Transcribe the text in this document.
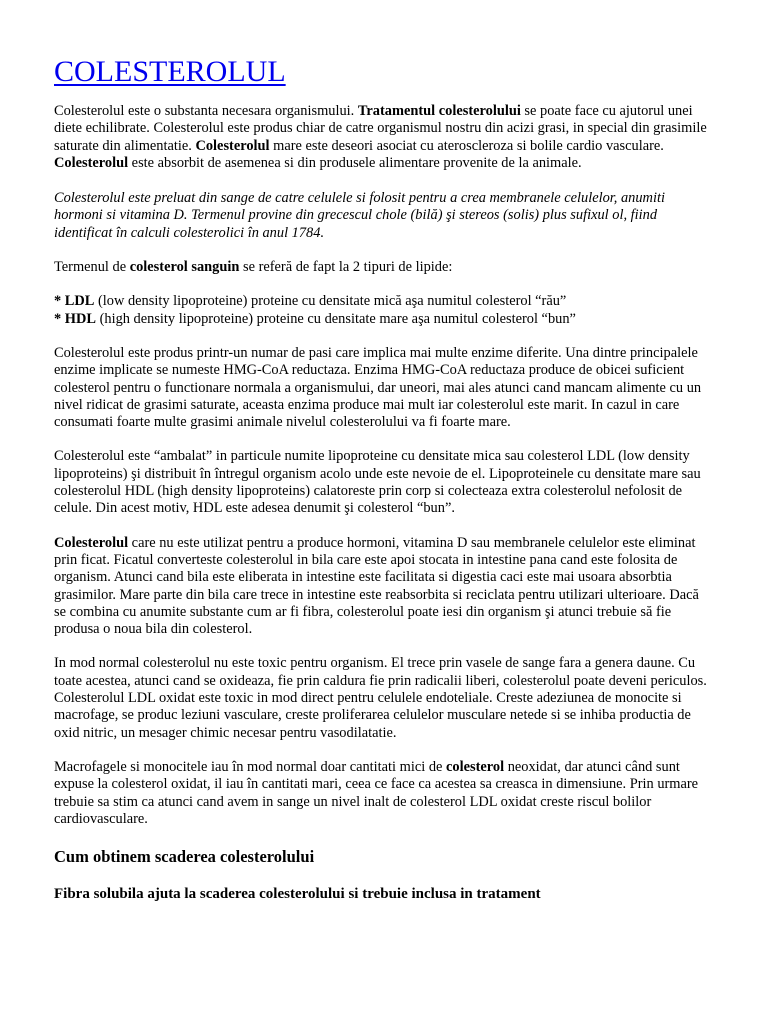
COLESTEROLUL

Colesterolul este o substanta necesara organismului. Tratamentul colesterolului se poate face cu ajutorul unei diete echilibrate. Colesterolul este produs chiar de catre organismul nostru din acizi grasi, in special din grasimile saturate din alimentatie. Colesterolul mare este deseori asociat cu ateroscleroza si bolile cardio vasculare. Colesterolul este absorbit de asemenea si din produsele alimentare provenite de la animale.

Colesterolul este preluat din sange de catre celulele si folosit pentru a crea membranele celulelor, anumiti hormoni si vitamina D. Termenul provine din grecescul chole (bilă) şi stereos (solis) plus sufixul ol, fiind identificat în calculi colesterolici în anul 1784.

Termenul de colesterol sanguin se referă de fapt la 2 tipuri de lipide:

* LDL (low density lipoproteine) proteine cu densitate mică aşa numitul colesterol “rău”
* HDL (high density lipoproteine) proteine cu densitate mare aşa numitul colesterol “bun”

Colesterolul este produs printr-un numar de pasi care implica mai multe enzime diferite. Una dintre principalele enzime implicate se numeste HMG-CoA reductaza. Enzima HMG-CoA reductaza produce de obicei suficient colesterol pentru o functionare normala a organismului, dar uneori, mai ales atunci cand mancam alimente cu un nivel ridicat de grasimi saturate, aceasta enzima produce mai mult iar colesterolul este marit. In cazul in care consumati foarte multe grasimi animale nivelul colesterolului va fi foarte mare.

Colesterolul este “ambalat” in particule numite lipoproteine cu densitate mica sau colesterol LDL (low density lipoproteins) şi distribuit în întregul organism acolo unde este nevoie de el. Lipoproteinele cu densitate mare sau colesterolul HDL (high density lipoproteins) calatoreste prin corp si colecteaza extra colesterolul nefolosit de celule. Din acest motiv, HDL este adesea denumit şi colesterol “bun”.

Colesterolul care nu este utilizat pentru a produce hormoni, vitamina D sau membranele celulelor este eliminat prin ficat. Ficatul converteste colesterolul in bila care este apoi stocata in intestine pana cand este folosita de organism. Atunci cand bila este eliberata in intestine este facilitata si digestia caci este mai usoara absorbtia grasimilor. Mare parte din bila care trece in intestine este reabsorbita si reciclata pentru utilizari ulterioare. Dacă se combina cu anumite substante cum ar fi fibra, colesterolul poate iesi din organism şi atunci trebuie să fie produsa o noua bila din colesterol.

In mod normal colesterolul nu este toxic pentru organism. El trece prin vasele de sange fara a genera daune. Cu toate acestea, atunci cand se oxideaza, fie prin caldura fie prin radicalii liberi, colesterolul poate deveni periculos. Colesterolul LDL oxidat este toxic in mod direct pentru celulele endoteliale. Creste adeziunea de monocite si macrofage, se produc leziuni vasculare, creste proliferarea celulelor musculare netede si se inhiba productia de oxid nitric, un mesager chimic necesar pentru vasodilatatie.

Macrofagele si monocitele iau în mod normal doar cantitati mici de colesterol neoxidat, dar atunci când sunt expuse la colesterol oxidat, il iau în cantitati mari, ceea ce face ca acestea sa creasca in dimensiune. Prin urmare trebuie sa stim ca atunci cand avem in sange un nivel inalt de colesterol LDL oxidat creste riscul bolilor cardiovasculare.

Cum obtinem scaderea colesterolului
Fibra solubila ajuta la scaderea colesterolului si trebuie inclusa in tratament
